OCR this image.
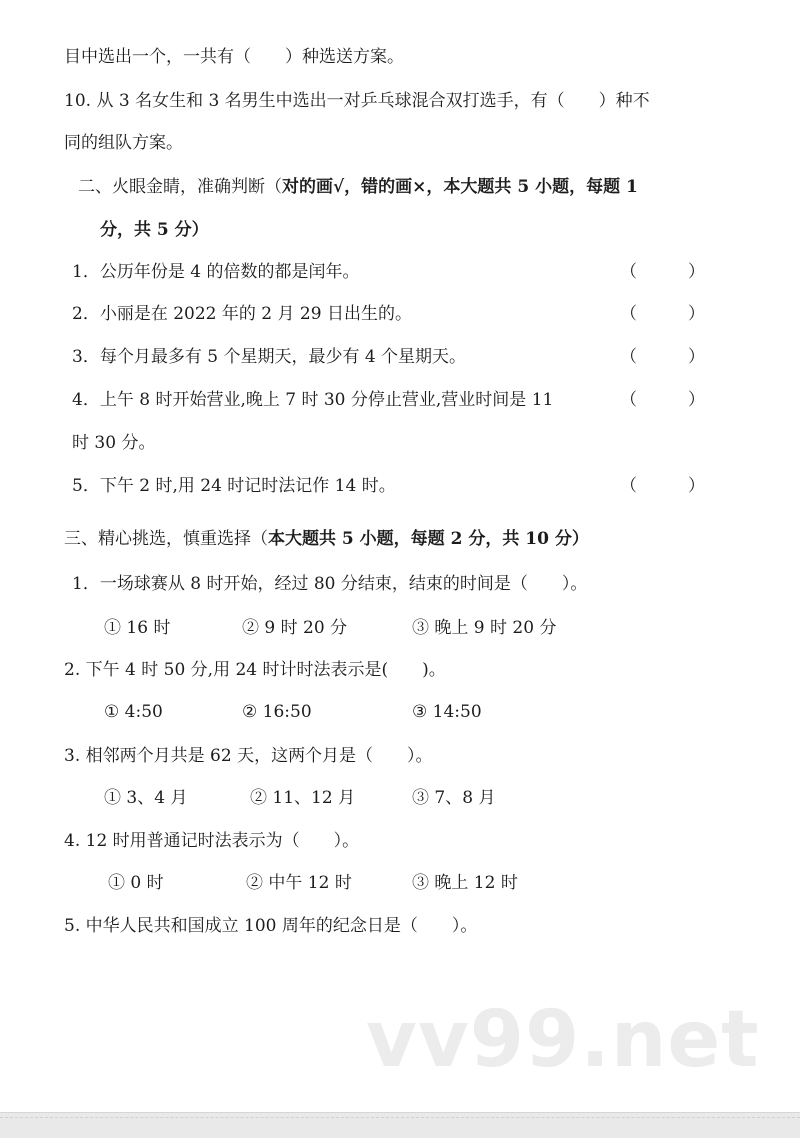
目中选出一个，一共有（　　）种选送方案。
10. 从 3 名女生和 3 名男生中选出一对乒乓球混合双打选手，有（　　）种不
同的组队方案。
二、火眼金睛，准确判断（对的画√，错的画×，本大题共 5 小题，每题 1
分，共 5 分）
1．公历年份是 4 的倍数的都是闰年。	（　　　）
2．小丽是在 2022 年的 2 月 29 日出生的。	（　　　）
3．每个月最多有 5 个星期天，最少有 4 个星期天。	（　　　）
4．上午 8 时开始营业,晚上 7 时 30 分停止营业,营业时间是 11	（　　　）
时 30 分。
5．下午 2 时,用 24 时记时法记作 14 时。	（　　　）
三、精心挑选，慎重选择（本大题共 5 小题，每题 2 分，共 10 分）
1．一场球赛从 8 时开始，经过 80 分结束，结束的时间是（　　）。
① 16 时	② 9 时 20 分	③ 晚上 9 时 20 分
2. 下午 4 时 50 分,用 24 时计时法表示是(　　)。
① 4:50	② 16:50	③ 14:50
3. 相邻两个月共是 62 天，这两个月是（　　）。
① 3、4 月	② 11、12 月	③ 7、8 月
4. 12 时用普通记时法表示为（　　）。
① 0 时	② 中午 12 时	③ 晚上 12 时
5. 中华人民共和国成立 100 周年的纪念日是（　　）。
vv99.net
